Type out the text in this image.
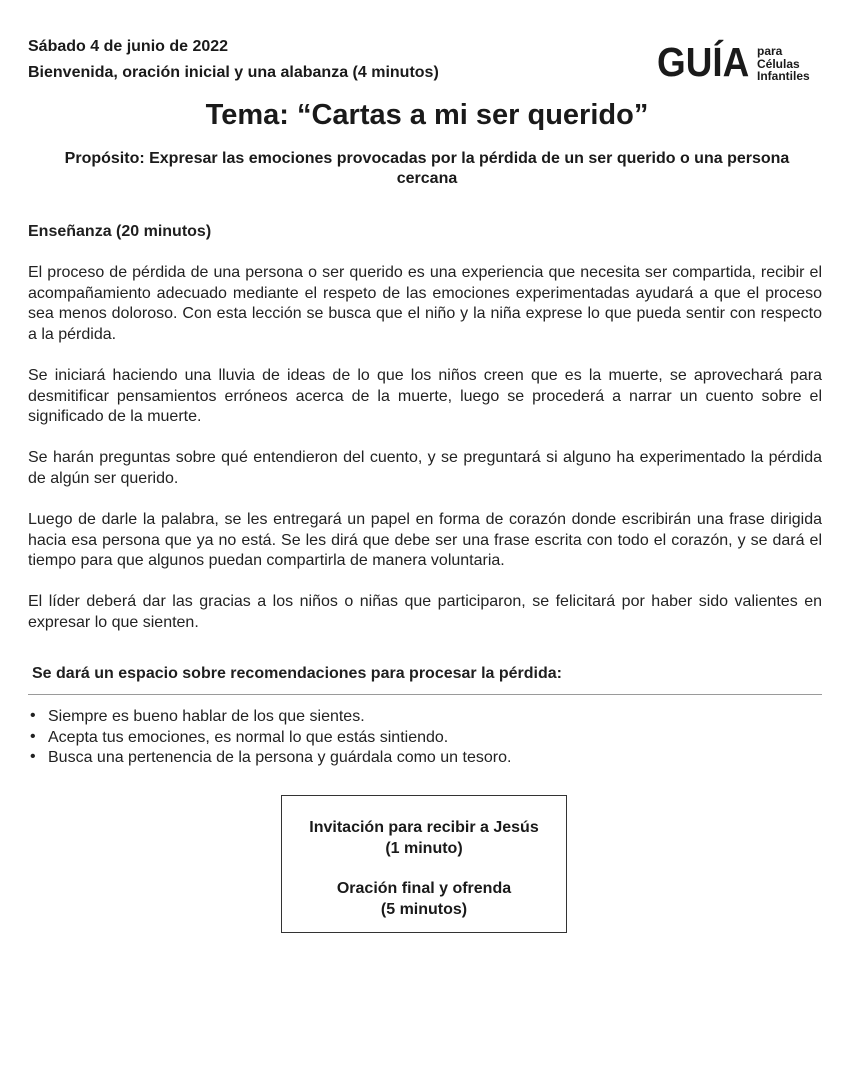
Sábado 4 de junio de 2022
Bienvenida, oración inicial y una alabanza (4 minutos)	GUÍA para
Células
Infantiles
Tema: “Cartas a mi ser querido”
Propósito: Expresar las emociones provocadas por la pérdida de un ser querido o una persona cercana
Enseñanza (20 minutos)
El proceso de pérdida de una persona o ser querido es una experiencia que necesita ser compartida, recibir el acompañamiento adecuado mediante el respeto de las emociones experimentadas ayudará a que el proceso sea menos doloroso. Con esta lección se busca que el niño y la niña exprese lo que pueda sentir con respecto a la pérdida.
Se iniciará haciendo una lluvia de ideas de lo que los niños creen que es la muerte, se aprovechará para desmitificar pensamientos erróneos acerca de la muerte, luego se procederá a narrar un cuento sobre el significado de la muerte.
Se harán preguntas sobre qué entendieron del cuento, y se preguntará si alguno ha experimentado la pérdida de algún ser querido.
Luego de darle la palabra, se les entregará un papel en forma de corazón donde escribirán una frase dirigida hacia esa persona que ya no está. Se les dirá que debe ser una frase escrita con todo el corazón, y se dará el tiempo para que algunos puedan compartirla de manera voluntaria.
El líder deberá dar las gracias a los niños o niñas que participaron, se felicitará por haber sido valientes en expresar lo que sienten.
Se dará un espacio sobre recomendaciones para procesar la pérdida:
• Siempre es bueno hablar de los que sientes.
• Acepta tus emociones, es normal lo que estás sintiendo.
• Busca una pertenencia de la persona y guárdala como un tesoro.
Invitación para recibir a Jesús
(1 minuto)
Oración final y ofrenda
(5 minutos)
